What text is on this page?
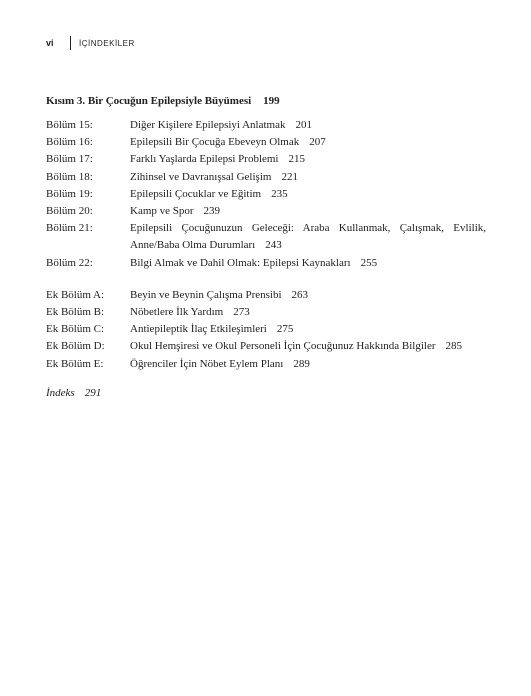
vi	İÇİNDEKİLER
Kısım 3. Bir Çocuğun Epilepsiyle Büyümesi 199
Bölüm 15:	Diğer Kişilere Epilepsiyi Anlatmak 201
Bölüm 16:	Epilepsili Bir Çocuğa Ebeveyn Olmak 207
Bölüm 17:	Farklı Yaşlarda Epilepsi Problemi 215
Bölüm 18:	Zihinsel ve Davranışsal Gelişim 221
Bölüm 19:	Epilepsili Çocuklar ve Eğitim 235
Bölüm 20:	Kamp ve Spor 239
Bölüm 21:	Epilepsili Çocuğunuzun Geleceği: Araba Kullanmak, Çalışmak, Evlilik,
Anne/Baba Olma Durumları 243
Bölüm 22:	Bilgi Almak ve Dahil Olmak: Epilepsi Kaynakları 255
Ek Bölüm A:	Beyin ve Beynin Çalışma Prensibi 263
Ek Bölüm B:	Nöbetlere İlk Yardım 273
Ek Bölüm C:	Antiepileptik İlaç Etkileşimleri 275
Ek Bölüm D:	Okul Hemşiresi ve Okul Personeli İçin Çocuğunuz Hakkında Bilgiler 285
Ek Bölüm E:	Öğrenciler İçin Nöbet Eylem Planı 289
İndeks 291
